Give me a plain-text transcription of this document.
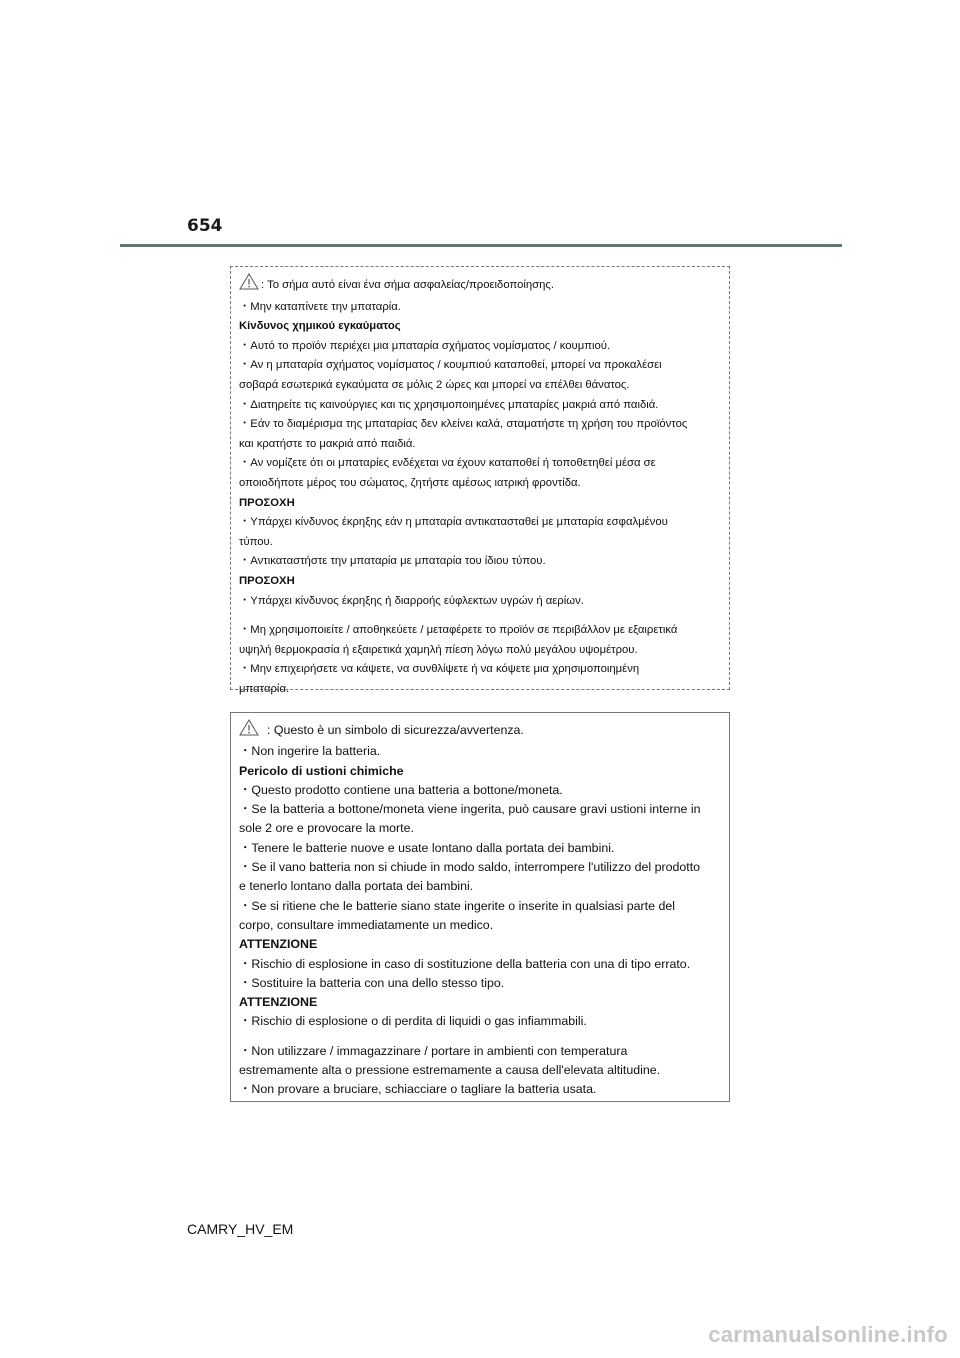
654
: Το σήμα αυτό είναι ένα σήμα ασφαλείας/προειδοποίησης.
・Μην καταπίνετε την μπαταρία.
Κίνδυνος χημικού εγκαύματος
・Αυτό το προϊόν περιέχει μια μπαταρία σχήματος νομίσματος / κουμπιού.
・Αν η μπαταρία σχήματος νομίσματος / κουμπιού καταποθεί, μπορεί να προκαλέσει
σοβαρά εσωτερικά εγκαύματα σε μόλις 2 ώρες και μπορεί να επέλθει θάνατος.
・Διατηρείτε τις καινούργιες και τις χρησιμοποιημένες μπαταρίες μακριά από παιδιά.
・Εάν το διαμέρισμα της μπαταρίας δεν κλείνει καλά, σταματήστε τη χρήση του προϊόντος
και κρατήστε το μακριά από παιδιά.
・Αν νομίζετε ότι οι μπαταρίες ενδέχεται να έχουν καταποθεί ή τοποθετηθεί μέσα σε
οποιοδήποτε μέρος του σώματος, ζητήστε αμέσως ιατρική φροντίδα.
ΠΡΟΣΟΧΗ
・Υπάρχει κίνδυνος έκρηξης εάν η μπαταρία αντικατασταθεί με μπαταρία εσφαλμένου
τύπου.
・Αντικαταστήστε την μπαταρία με μπαταρία του ίδιου τύπου.
ΠΡΟΣΟΧΗ
・Υπάρχει κίνδυνος έκρηξης ή διαρροής εύφλεκτων υγρών ή αερίων.
・Μη χρησιμοποιείτε / αποθηκεύετε / μεταφέρετε το προϊόν σε περιβάλλον με εξαιρετικά
υψηλή θερμοκρασία ή εξαιρετικά χαμηλή πίεση λόγω πολύ μεγάλου υψομέτρου.
・Μην επιχειρήσετε να κάψετε, να συνθλίψετε ή να κόψετε μια χρησιμοποιημένη
μπαταρία.
: Questo è un simbolo di sicurezza/avvertenza.
・Non ingerire la batteria.
Pericolo di ustioni chimiche
・Questo prodotto contiene una batteria a bottone/moneta.
・Se la batteria a bottone/moneta viene ingerita, può causare gravi ustioni interne in
sole 2 ore e provocare la morte.
・Tenere le batterie nuove e usate lontano dalla portata dei bambini.
・Se il vano batteria non si chiude in modo saldo, interrompere l'utilizzo del prodotto
e tenerlo lontano dalla portata dei bambini.
・Se si ritiene che le batterie siano state ingerite o inserite in qualsiasi parte del
corpo, consultare immediatamente un medico.
ATTENZIONE
・Rischio di esplosione in caso di sostituzione della batteria con una di tipo errato.
・Sostituire la batteria con una dello stesso tipo.
ATTENZIONE
・Rischio di esplosione o di perdita di liquidi o gas infiammabili.
・Non utilizzare / immagazzinare / portare in ambienti con temperatura
estremamente alta o pressione estremamente a causa dell'elevata altitudine.
・Non provare a bruciare, schiacciare o tagliare la batteria usata.
CAMRY_HV_EM
carmanualsonline.info
